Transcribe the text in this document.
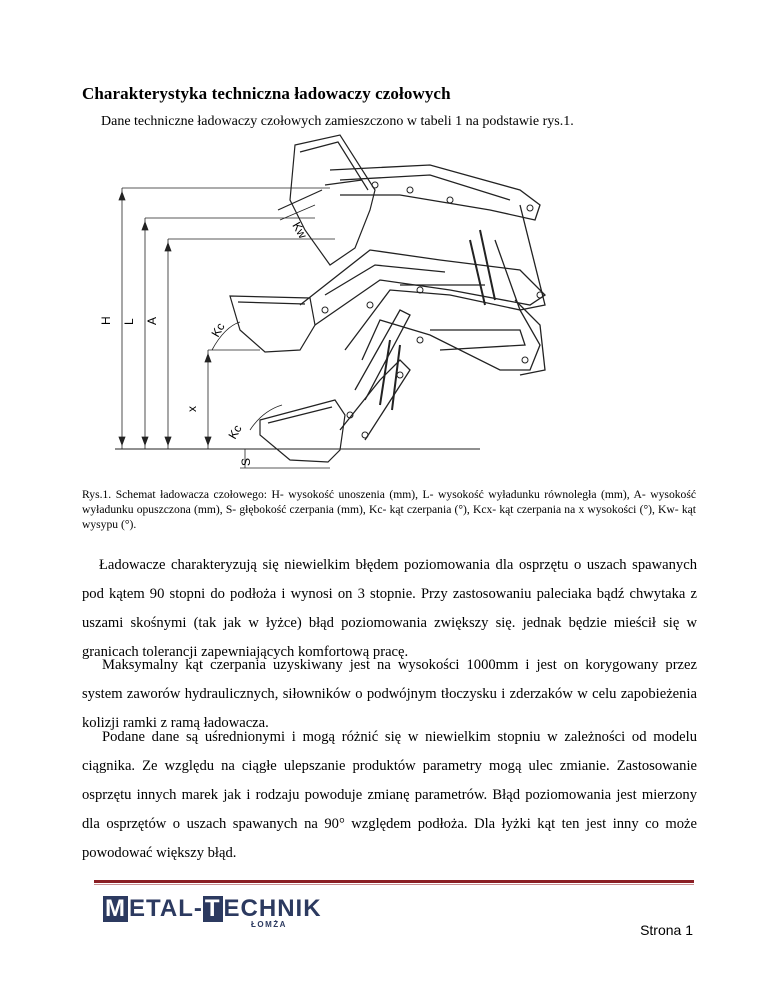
Charakterystyka techniczna ładowaczy czołowych
Dane techniczne ładowaczy czołowych zamieszczono w tabeli 1 na podstawie rys.1.
H L A
x
S
Kc
Kc
Kw
Rys.1. Schemat ładowacza czołowego: H- wysokość unoszenia (mm), L- wysokość wyładunku równoległa (mm), A- wysokość wyładunku opuszczona (mm), S- głębokość czerpania (mm), Kc- kąt czerpania (°), Kcx- kąt czerpania na x wysokości (°), Kw- kąt wysypu (°).

Ładowacze charakteryzują się niewielkim błędem poziomowania dla osprzętu o uszach spawanych pod kątem 90 stopni do podłoża i wynosi on 3 stopnie. Przy zastosowaniu paleciaka bądź chwytaka z uszami skośnymi (tak jak w łyżce) błąd poziomowania zwiększy się. jednak będzie mieścił się w granicach tolerancji zapewniających komfortową pracę.

Maksymalny kąt czerpania uzyskiwany jest na wysokości 1000mm i jest on korygowany przez system zaworów hydraulicznych, siłowników o podwójnym tłoczysku i zderzaków w celu zapobieżenia kolizji ramki z ramą ładowacza.

Podane dane są uśrednionymi i mogą różnić się w niewielkim stopniu w zależności od modelu ciągnika. Ze względu na ciągłe ulepszanie produktów parametry mogą ulec zmianie. Zastosowanie osprzętu innych marek jak i rodzaju powoduje zmianę parametrów. Błąd poziomowania jest mierzony dla osprzętów o uszach spawanych na 90° względem podłoża. Dla łyżki kąt ten jest inny co może powodować większy błąd.

M ETAL-T ECHNIK
ŁOMŻA	Strona 1
